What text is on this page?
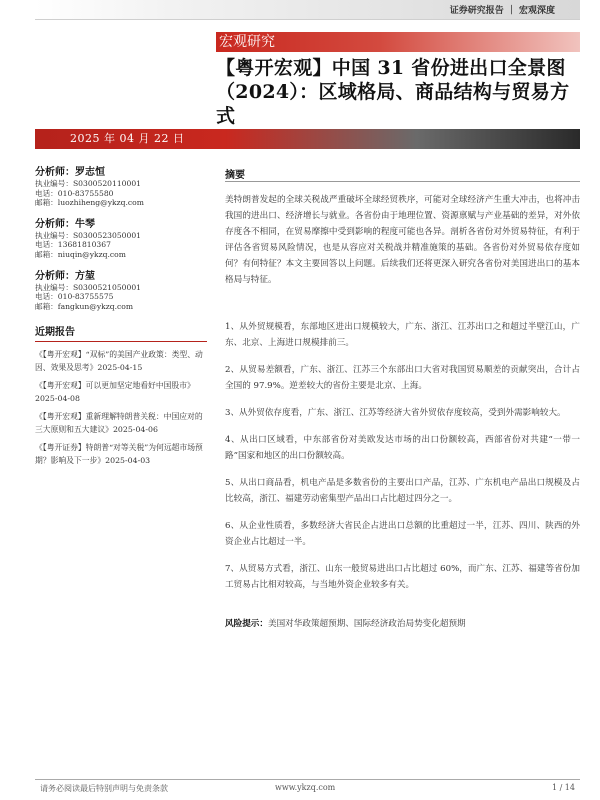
证券研究报告 ｜ 宏观深度
宏观研究
【粤开宏观】中国 31 省份进出口全景图（2024）：区域格局、商品结构与贸易方式
2025 年 04 月 22 日
分析师：罗志恒
执业编号：S0300520110001
电话：010-83755580
邮箱：luozhiheng@ykzq.com
分析师：牛琴
执业编号：S0300523050001
电话：13681810367
邮箱：niuqin@ykzq.com
分析师：方堃
执业编号：S0300521050001
电话：010-83755575
邮箱：fangkun@ykzq.com
近期报告
《【粤开宏观】“双标”的美国产业政策：类型、动因、效果及思考》2025-04-15
《【粤开宏观】可以更加坚定地看好中国股市》2025-04-08
《【粤开宏观】重新理解特朗普关税：中国应对的三大原则和五大建议》2025-04-06
《【粤开证券】特朗普“对等关税”为何远超市场预期？影响及下一步》2025-04-03
摘要

美特朗普发起的全球关税战严重破坏全球经贸秩序，可能对全球经济产生重大冲击，也将冲击我国的进出口、经济增长与就业。各省份由于地理位置、资源禀赋与产业基础的差异，对外依存度各不相同，在贸易摩擦中受到影响的程度可能也各异。剖析各省份对外贸易特征，有利于评估各省贸易风险情况，也是从容应对关税战并精准施策的基础。各省份对外贸易依存度如何？有何特征？本文主要回答以上问题。后续我们还将更深入研究各省份对美国进出口的基本格局与特征。

1、从外贸规模看，东部地区进出口规模较大，广东、浙江、江苏出口之和超过半壁江山，广东、北京、上海进口规模排前三。

2、从贸易差额看，广东、浙江、江苏三个东部出口大省对我国贸易顺差的贡献突出，合计占全国的 97.9%。逆差较大的省份主要是北京、上海。

3、从外贸依存度看，广东、浙江、江苏等经济大省外贸依存度较高，受到外需影响较大。

4、从出口区域看，中东部省份对美欧发达市场的出口份额较高，西部省份对共建“一带一路”国家和地区的出口份额较高。

5、从出口商品看，机电产品是多数省份的主要出口产品，江苏、广东机电产品出口规模及占比较高，浙江、福建劳动密集型产品出口占比超过四分之一。

6、从企业性质看，多数经济大省民企占进出口总额的比重超过一半，江苏、四川、陕西的外资企业占比超过一半。

7、从贸易方式看，浙江、山东一般贸易进出口占比超过 60%，而广东、江苏、福建等省份加工贸易占比相对较高，与当地外资企业较多有关。

风险提示：美国对华政策超预期、国际经济政治局势变化超预期
请务必阅读最后特别声明与免责条款	www.ykzq.com	1 / 14
